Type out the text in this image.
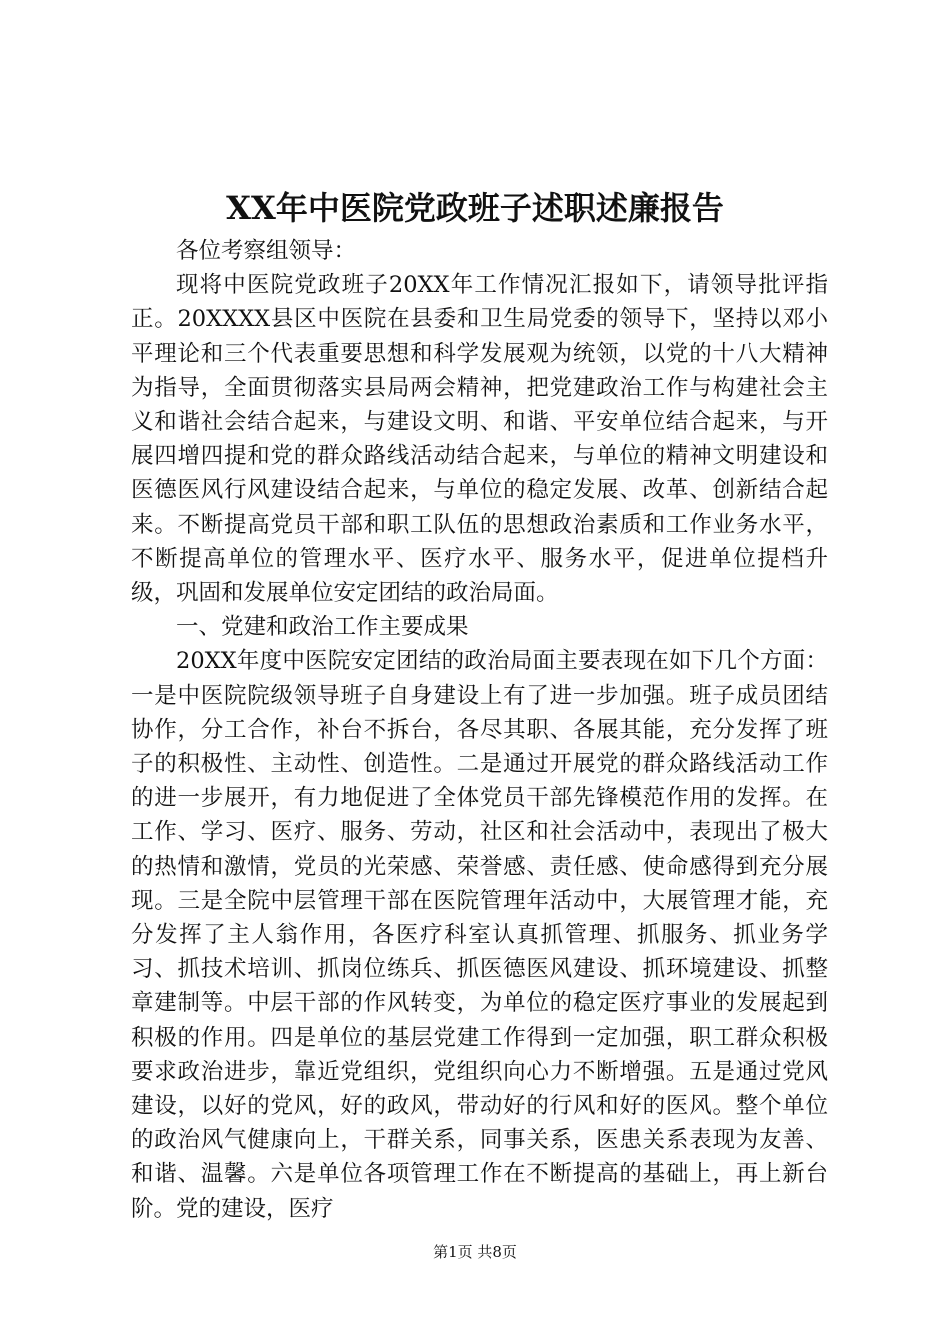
XX年中医院党政班子述职述廉报告

各位考察组领导：

现将中医院党政班子20XX年工作情况汇报如下，请领导批评指正。20XXXX县区中医院在县委和卫生局党委的领导下，坚持以邓小平理论和三个代表重要思想和科学发展观为统领，以党的十八大精神为指导，全面贯彻落实县局两会精神，把党建政治工作与构建社会主义和谐社会结合起来，与建设文明、和谐、平安单位结合起来，与开展四增四提和党的群众路线活动结合起来，与单位的精神文明建设和医德医风行风建设结合起来，与单位的稳定发展、改革、创新结合起来。不断提高党员干部和职工队伍的思想政治素质和工作业务水平，不断提高单位的管理水平、医疗水平、服务水平，促进单位提档升级，巩固和发展单位安定团结的政治局面。

一、党建和政治工作主要成果

20XX年度中医院安定团结的政治局面主要表现在如下几个方面：一是中医院院级领导班子自身建设上有了进一步加强。班子成员团结协作，分工合作，补台不拆台，各尽其职、各展其能，充分发挥了班子的积极性、主动性、创造性。二是通过开展党的群众路线活动工作的进一步展开，有力地促进了全体党员干部先锋模范作用的发挥。在工作、学习、医疗、服务、劳动，社区和社会活动中，表现出了极大的热情和激情，党员的光荣感、荣誉感、责任感、使命感得到充分展现。三是全院中层管理干部在医院管理年活动中，大展管理才能，充分发挥了主人翁作用，各医疗科室认真抓管理、抓服务、抓业务学习、抓技术培训、抓岗位练兵、抓医德医风建设、抓环境建设、抓整章建制等。中层干部的作风转变，为单位的稳定医疗事业的发展起到积极的作用。四是单位的基层党建工作得到一定加强，职工群众积极要求政治进步，靠近党组织，党组织向心力不断增强。五是通过党风建设，以好的党风，好的政风，带动好的行风和好的医风。整个单位的政治风气健康向上，干群关系，同事关系，医患关系表现为友善、和谐、温馨。六是单位各项管理工作在不断提高的基础上，再上新台阶。党的建设，医疗

第1页 共8页
